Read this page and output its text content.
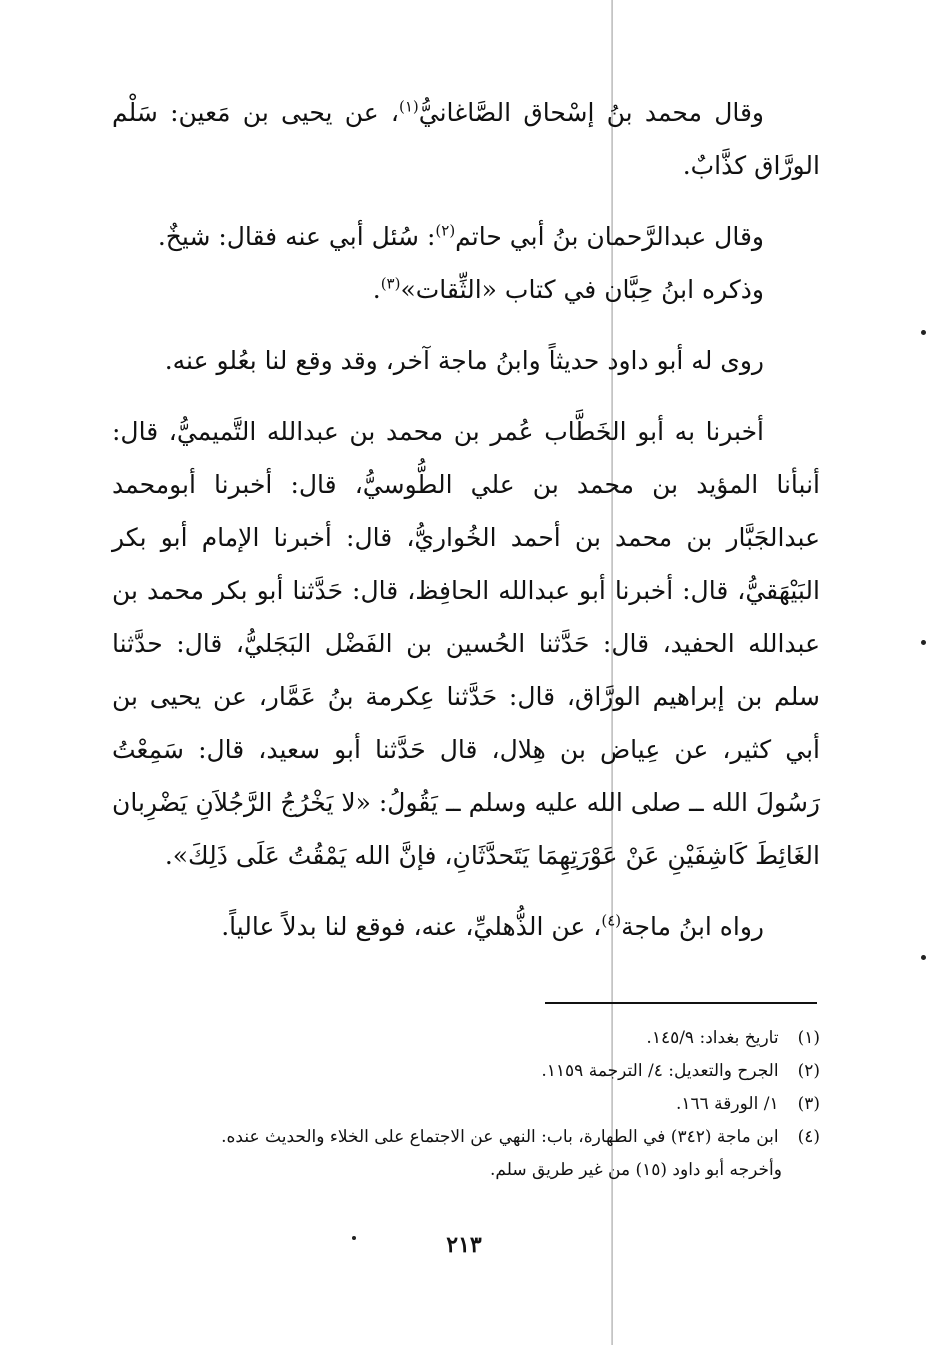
وقال محمد بنُ إسْحاق الصَّاغانيُّ$^{(١)}$، عن يحيى بن مَعين: سَلْم الورَّاق كذَّابٌ.

وقال عبدالرَّحمان بنُ أبي حاتم$^{(٢)}$: سُئل أبي عنه فقال: شيخٌ.

وذكره ابنُ حِبَّان في كتاب «الثِّقات»$^{(٣)}$.

روى له أبو داود حديثاً وابنُ ماجة آخر، وقد وقع لنا بعُلو عنه.

أخبرنا به أبو الخَطَّاب عُمر بن محمد بن عبدالله التَّميميُّ، قال: أنبأنا المؤيد بن محمد بن علي الطُّوسيُّ، قال: أخبرنا أبومحمد عبدالجَبَّار بن محمد بن أحمد الخُواريُّ، قال: أخبرنا الإمام أبو بكر البَيْهَقيُّ، قال: أخبرنا أبو عبدالله الحافِظ، قال: حَدَّثنا أبو بكر محمد بن عبدالله الحفيد، قال: حَدَّثنا الحُسين بن الفَضْل البَجَليُّ، قال: حدَّثنا سلم بن إبراهيم الورَّاق، قال: حَدَّثنا عِكرمة بنُ عَمَّار، عن يحيى بن أبي كثير، عن عِياض بن هِلال، قال حَدَّثنا أبو سعيد، قال: سَمِعْتُ رَسُولَ الله ــ صلى الله عليه وسلم ــ يَقُولُ: «لا يَخْرُجُ الرَّجُلاَنِ يَضْرِبان الغَائِطَ كَاشِفَيْنِ عَنْ عَوْرَتِهِمَا يَتَحدَّثَانِ، فإنَّ الله يَمْقُتُ عَلَى ذَلِكَ».

رواه ابنُ ماجة$^{(٤)}$، عن الذُّهليِّ، عنه، فوقع لنا بدلاً عالياً.

(١) تاريخ بغداد: ١٤٥/٩.

(٢) الجرح والتعديل: ٤/ الترجمة ١١٥٩.

(٣) ١/ الورقة ١٦٦.

(٤) ابن ماجة (٣٤٢) في الطهارة، باب: النهي عن الاجتماع على الخلاء والحديث عنده.

وأخرجه أبو داود (١٥) من غير طريق سلم.

٢١٣
